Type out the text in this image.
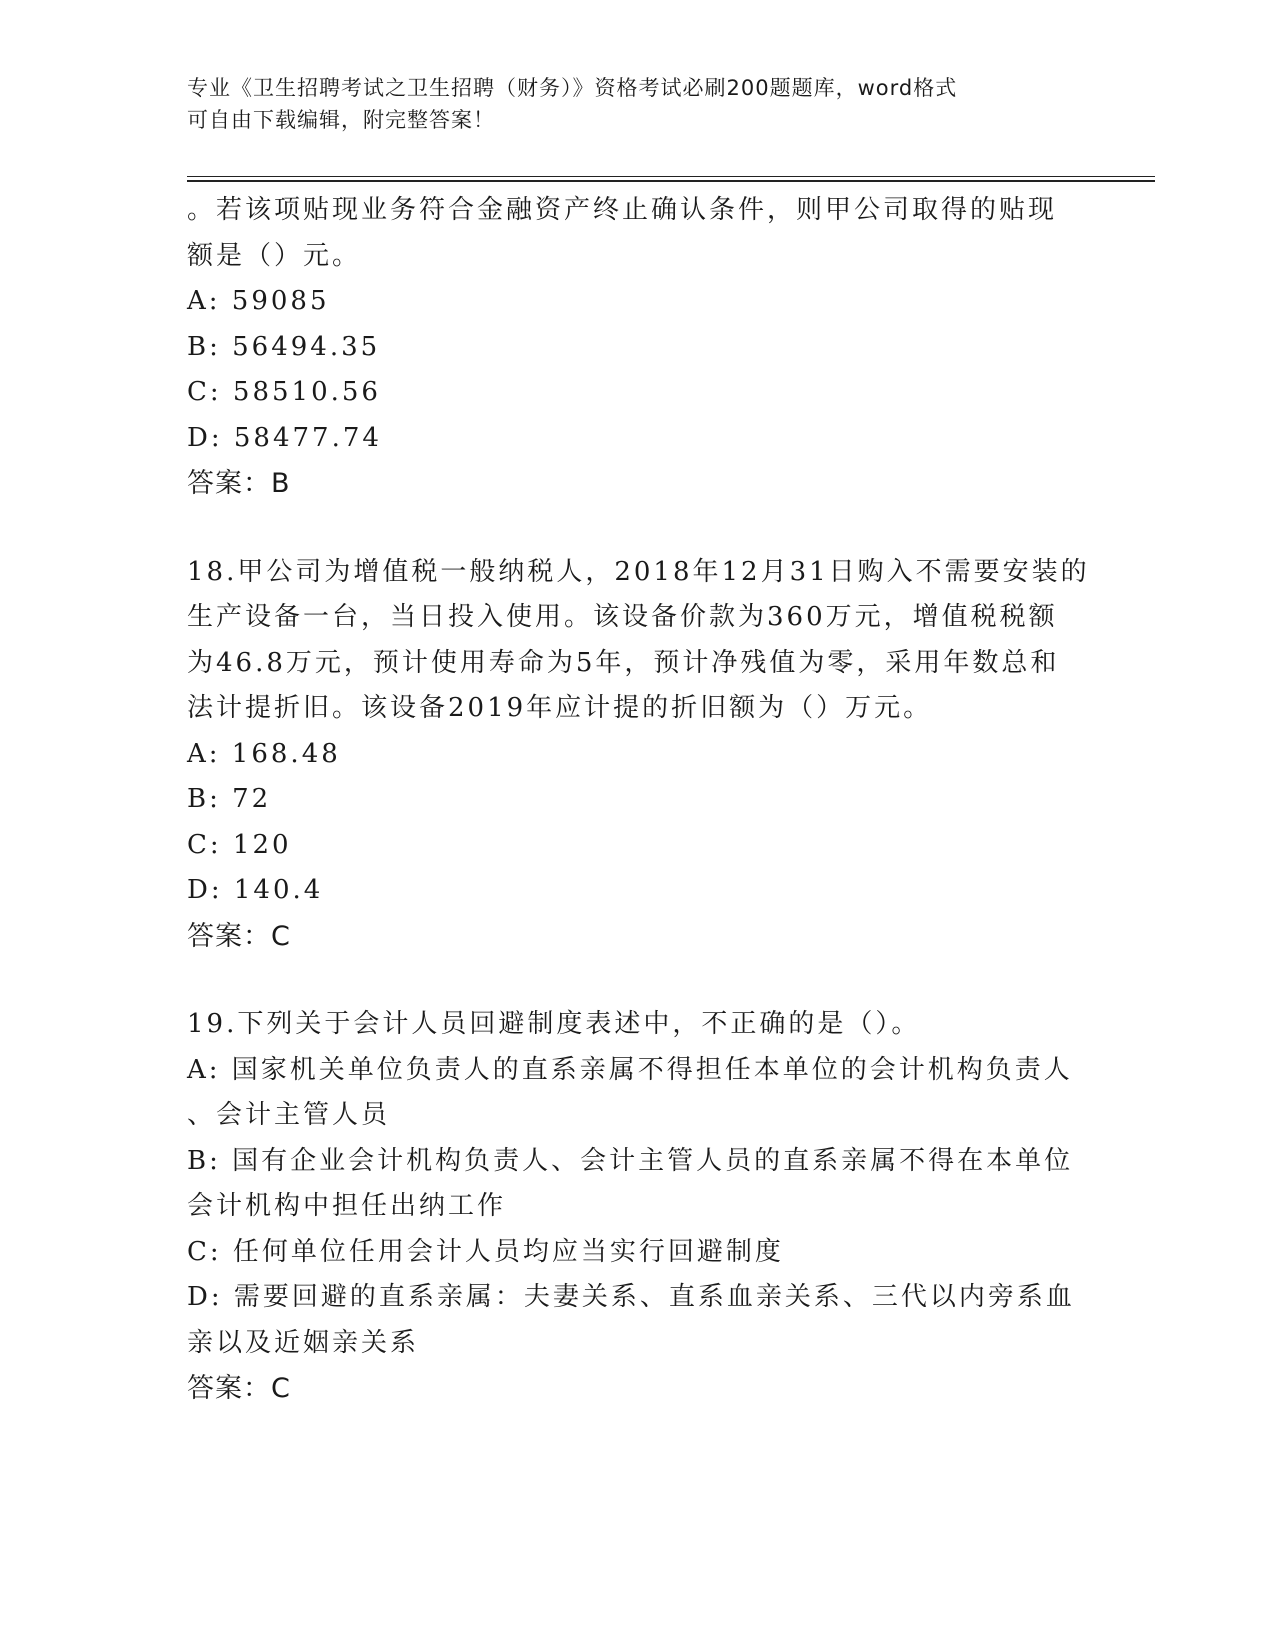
专业《卫生招聘考试之卫生招聘（财务）》资格考试必刷200题题库，word格式
可自由下载编辑，附完整答案！
。若该项贴现业务符合金融资产终止确认条件，则甲公司取得的贴现
额是（）元。
A: 59085
B: 56494.35
C: 58510.56
D: 58477.74
答案：B
18.甲公司为增值税一般纳税人，2018年12月31日购入不需要安装的
生产设备一台，当日投入使用。该设备价款为360万元，增值税税额
为46.8万元，预计使用寿命为5年，预计净残值为零，采用年数总和
法计提折旧。该设备2019年应计提的折旧额为（）万元。
A: 168.48
B: 72
C: 120
D: 140.4
答案：C
19.下列关于会计人员回避制度表述中，不正确的是（）。
A: 国家机关单位负责人的直系亲属不得担任本单位的会计机构负责人
、会计主管人员
B: 国有企业会计机构负责人、会计主管人员的直系亲属不得在本单位
会计机构中担任出纳工作
C: 任何单位任用会计人员均应当实行回避制度
D: 需要回避的直系亲属：夫妻关系、直系血亲关系、三代以内旁系血
亲以及近姻亲关系
答案：C
